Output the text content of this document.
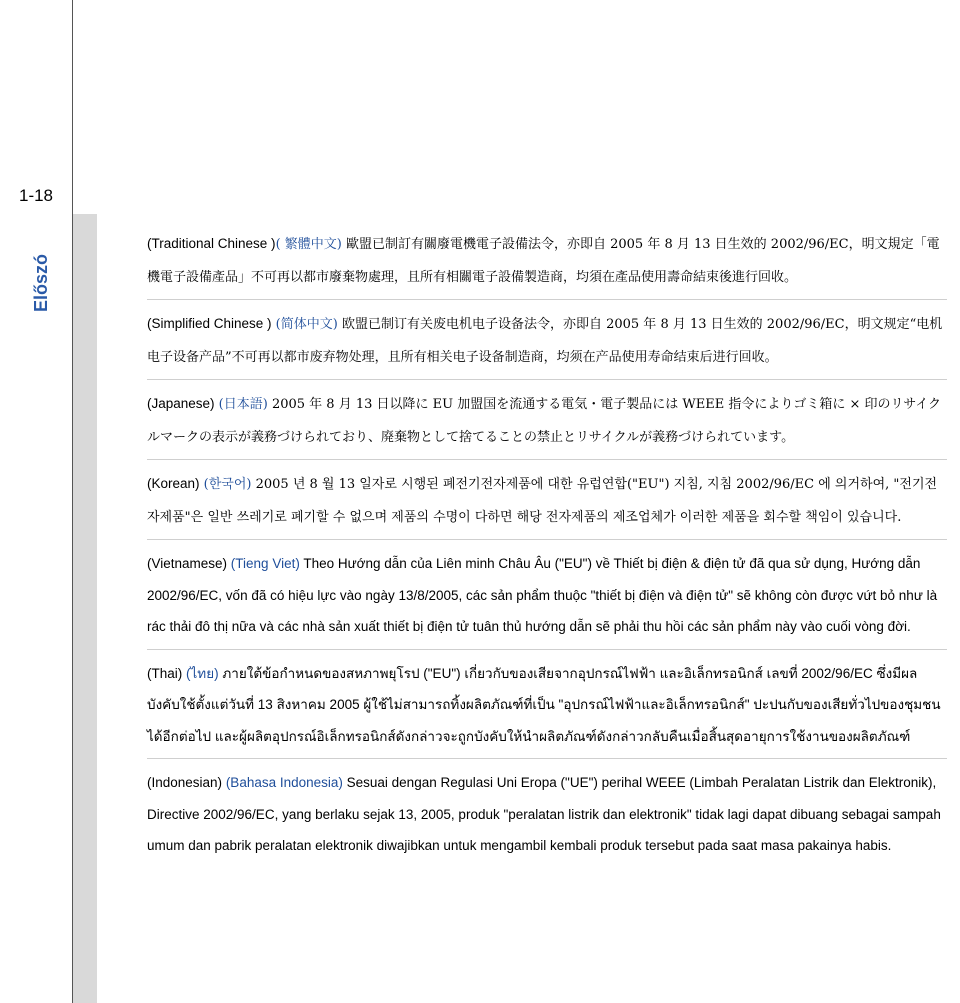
1-18
Előszó
(Traditional Chinese )( 繁體中文) 歐盟已制訂有關廢電機電子設備法令，亦即自 2005 年 8 月 13 日生效的 2002/96/EC，明文規定「電機電子設備產品」不可再以都市廢棄物處理，且所有相關電子設備製造商，均須在產品使用壽命結束後進行回收。
(Simplified Chinese ) (简体中文) 欧盟已制订有关废电机电子设备法令，亦即自 2005 年 8 月 13 日生效的 2002/96/EC，明文规定“电机电子设备产品”不可再以都市废弃物处理，且所有相关电子设备制造商，均须在产品使用寿命结束后进行回收。
(Japanese) (日本語) 2005 年 8 月 13 日以降に EU 加盟国を流通する電気・電子製品には WEEE 指令によりゴミ箱に × 印のリサイクルマークの表示が義務づけられており、廃棄物として捨てることの禁止とリサイクルが義務づけられています。
(Korean) (한국어) 2005 년 8 월 13 일자로 시행된 폐전기전자제품에 대한 유럽연합("EU") 지침, 지침 2002/96/EC 에 의거하여, "전기전자제품"은 일반 쓰레기로 폐기할 수 없으며 제품의 수명이 다하면 해당 전자제품의 제조업체가 이러한 제품을 회수할 책임이 있습니다.
(Vietnamese) (Tieng Viet) Theo Hướng dẫn của Liên minh Châu Âu ("EU") về Thiết bị điện & điện tử đã qua sử dụng, Hướng dẫn 2002/96/EC, vốn đã có hiệu lực vào ngày 13/8/2005, các sản phẩm thuộc "thiết bị điện và điện tử" sẽ không còn được vứt bỏ như là rác thải đô thị nữa và các nhà sản xuất thiết bị điện tử tuân thủ hướng dẫn sẽ phải thu hồi các sản phẩm này vào cuối vòng đời.
(Thai) (ไทย) ภายใต้ข้อกำหนดของสหภาพยุโรป ("EU") เกี่ยวกับของเสียจากอุปกรณ์ไฟฟ้า และอิเล็กทรอนิกส์ เลขที่ 2002/96/EC ซึ่งมีผลบังคับใช้ตั้งแต่วันที่ 13 สิงหาคม 2005 ผู้ใช้ไม่สามารถทิ้งผลิตภัณฑ์ที่เป็น "อุปกรณ์ไฟฟ้าและอิเล็กทรอนิกส์" ปะปนกับของเสียทั่วไปของชุมชนได้อีกต่อไป และผู้ผลิตอุปกรณ์อิเล็กทรอนิกส์ดังกล่าวจะถูกบังคับให้นำผลิตภัณฑ์ดังกล่าวกลับคืนเมื่อสิ้นสุดอายุการใช้งานของผลิตภัณฑ์
(Indonesian) (Bahasa Indonesia) Sesuai dengan Regulasi Uni Eropa ("UE") perihal WEEE (Limbah Peralatan Listrik dan Elektronik), Directive 2002/96/EC, yang berlaku sejak 13, 2005, produk "peralatan listrik dan elektronik" tidak lagi dapat dibuang sebagai sampah umum dan pabrik peralatan elektronik diwajibkan untuk mengambil kembali produk tersebut pada saat masa pakainya habis.
